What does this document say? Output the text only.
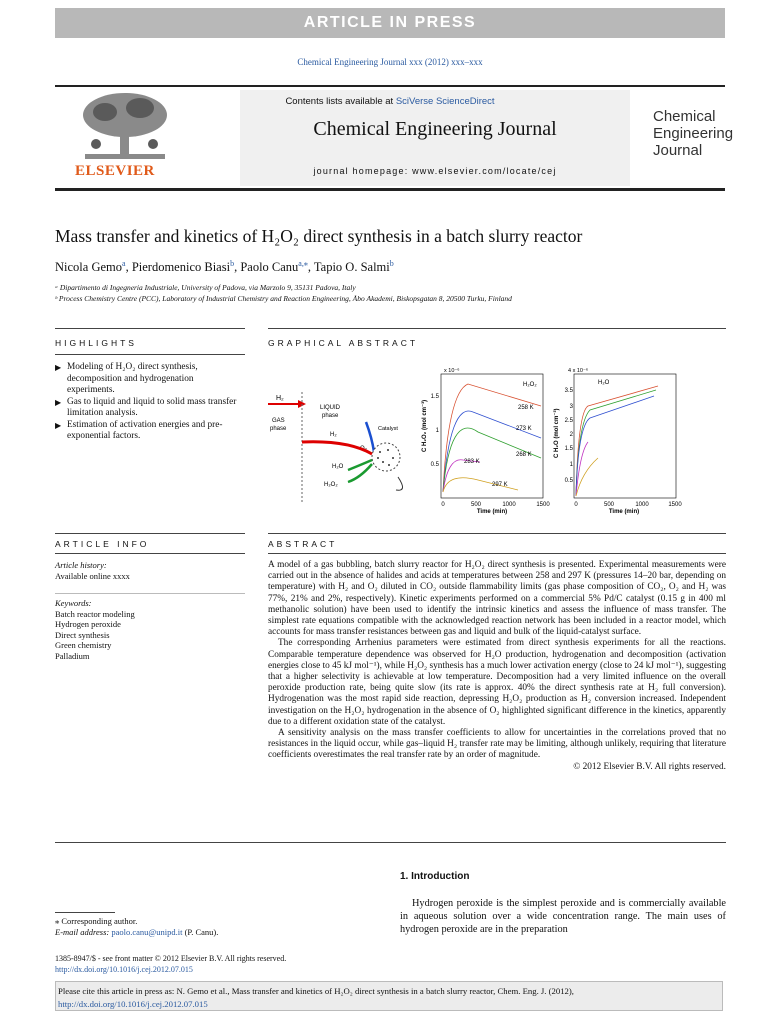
ARTICLE IN PRESS
Chemical Engineering Journal xxx (2012) xxx–xxx
Contents lists available at SciVerse ScienceDirect
Chemical Engineering Journal
journal homepage: www.elsevier.com/locate/cej
ELSEVIER
Chemical
Engineering
Journal
Mass transfer and kinetics of H₂O₂ direct synthesis in a batch slurry reactor
Nicola Gemo$^a$, Pierdomenico Biasi$^b$, Paolo Canu$^{a,⁎}$, Tapio O. Salmi$^b$
ᵃ Dipartimento di Ingegneria Industriale, University of Padova, via Marzolo 9, 35131 Padova, Italy
ᵇ Process Chemistry Centre (PCC), Laboratory of Industrial Chemistry and Reaction Engineering, Åbo Akademi, Biskopsgatan 8, 20500 Turku, Finland
HIGHLIGHTS
▶ Modeling of H₂O₂ direct synthesis, decomposition and hydrogenation experiments.
▶ Gas to liquid and liquid to solid mass transfer limitation analysis.
▶ Estimation of activation energies and pre-exponential factors.
GRAPHICAL ABSTRACT
H₂
GAS
phase
LIQUID
phase
O₂
Catalyst
H₂
H₂O
H₂O₂
x 10⁻⁶
H₂O₂
0.5
1
1.5
0	500	1000	1500
Time (min)
C H₂O₂ (mol cm⁻³)	258 K
273 K
268 K
283 K
297 K
4 x 10⁻⁶
H₂O
0.5
1
1.5
2
2.5
3
3.5
0	500	1000	1500
Time (min)
C H₂O (mol cm⁻³)
ARTICLE INFO
Article history:
Available online xxxx
Keywords:
Batch reactor modeling
Hydrogen peroxide
Direct synthesis
Green chemistry
Palladium
ABSTRACT

A model of a gas bubbling, batch slurry reactor for H₂O₂ direct synthesis is presented. Experimental measurements were carried out in the absence of halides and acids at temperatures between 258 and 297 K (pressures 14–20 bar, depending on temperature) with H₂ and O₂ diluted in CO₂ outside flammability limits (gas phase composition of CO₂, O₂ and H₂ was 77%, 21% and 2%, respectively). Kinetic experiments performed on a commercial 5% Pd/C catalyst (0.15 g in 400 ml methanolic solution) have been used to identify the intrinsic kinetics and assess the influence of mass transfer. The simplest rate equations compatible with the acknowledged reaction network has been included in a reactor model, which accounts for mass transfer resistances between gas and liquid and bulk of the liquid-catalyst surface.

The corresponding Arrhenius parameters were estimated from direct synthesis experiments for all the reactions. Comparable temperature dependence was observed for H₂O production, hydrogenation and decomposition (activation energies close to 45 kJ mol⁻¹), while H₂O₂ synthesis has a much lower activation energy (close to 24 kJ mol⁻¹), suggesting that a higher selectivity is achievable at low temperature. Decomposition had a very limited influence on the overall peroxide production rate, being quite slow (its rate is approx. 40% the direct synthesis rate at H₂ full conversion). Hydrogenation was the most rapid side reaction, depressing H₂O₂ production as H₂ conversion increased. Independent investigation on the H₂O₂ hydrogenation in the absence of O₂ highlighted significant difference in the kinetics, apparently due to a different oxidation state of the catalyst.

A sensitivity analysis on the mass transfer coefficients to allow for uncertainties in the correlations proved that no resistances in the liquid occur, while gas–liquid H₂ transfer rate may be limiting, although unlikely, requiring that literature coefficients overestimates the real transfer rate by an order of magnitude.

© 2012 Elsevier B.V. All rights reserved.

1. Introduction
Hydrogen peroxide is the simplest peroxide and is commercially available in aqueous solution over a wide concentration range. The main uses of hydrogen peroxide are in the preparation
⁎ Corresponding author.
E-mail address: paolo.canu@unipd.it (P. Canu).
1385-8947/$ - see front matter © 2012 Elsevier B.V. All rights reserved.
http://dx.doi.org/10.1016/j.cej.2012.07.015
Please cite this article in press as: N. Gemo et al., Mass transfer and kinetics of H₂O₂ direct synthesis in a batch slurry reactor, Chem. Eng. J. (2012), http://dx.doi.org/10.1016/j.cej.2012.07.015
